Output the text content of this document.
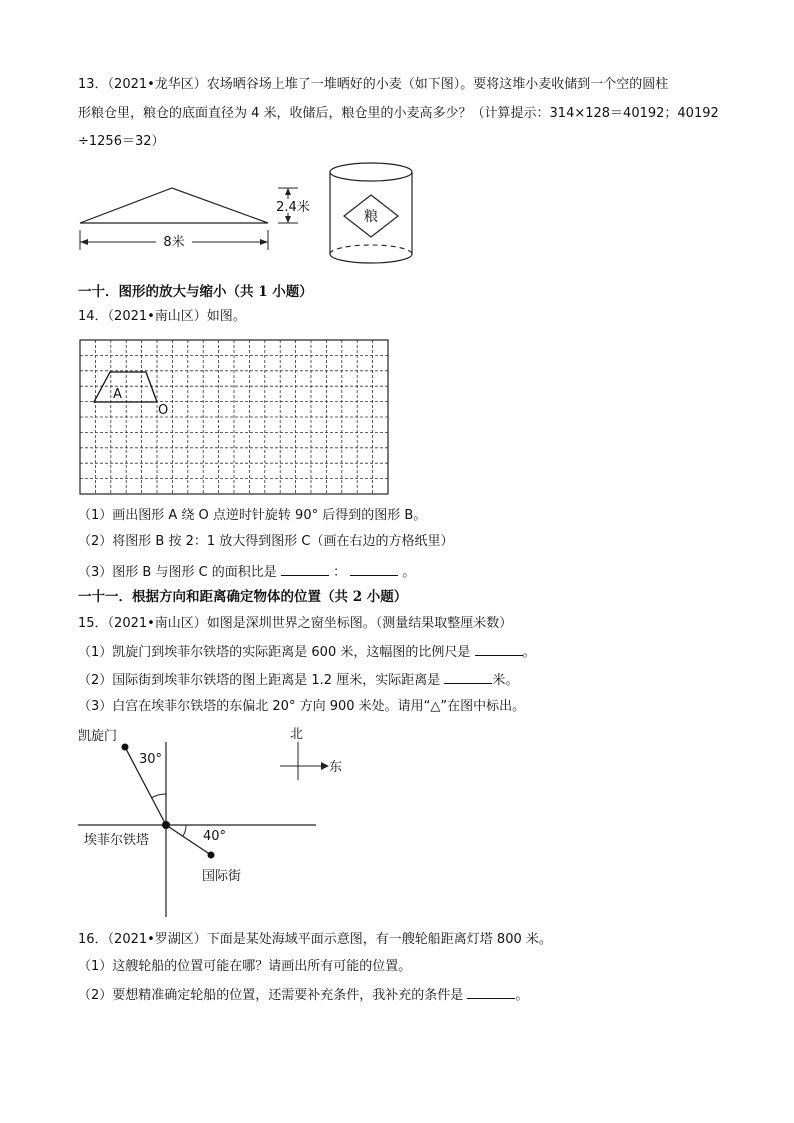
13．（2021•龙华区）农场晒谷场上堆了一堆晒好的小麦（如下图）。要将这堆小麦收储到一个空的圆柱
形粮仓里，粮仓的底面直径为 4 米，收储后，粮仓里的小麦高多少？（计算提示：314×128＝40192；40192
÷1256＝32）
8米
2.4米
粮
一十．图形的放大与缩小（共 1 小题）
14．（2021•南山区）如图。
A
O
（1）画出图形 A 绕 O 点逆时针旋转 90° 后得到的图形 B。
（2）将图形 B 按 2：1 放大得到图形 C（画在右边的方格纸里）
（3）图形 B 与图形 C 的面积比是	：	。
一十一．根据方向和距离确定物体的位置（共 2 小题）
15．（2021•南山区）如图是深圳世界之窗坐标图。（测量结果取整厘米数）
（1）凯旋门到埃菲尔铁塔的实际距离是 600 米，这幅图的比例尺是	。
（2）国际街到埃菲尔铁塔的图上距离是 1.2 厘米，实际距离是	米。
（3）白宫在埃菲尔铁塔的东偏北 20° 方向 900 米处。请用“△”在图中标出。
凯旋门
埃菲尔铁塔
国际街
30°
40°
北
东
16．（2021•罗湖区）下面是某处海域平面示意图，有一艘轮船距离灯塔 800 米。
（1）这艘轮船的位置可能在哪？请画出所有可能的位置。
（2）要想精准确定轮船的位置，还需要补充条件，我补充的条件是	。
